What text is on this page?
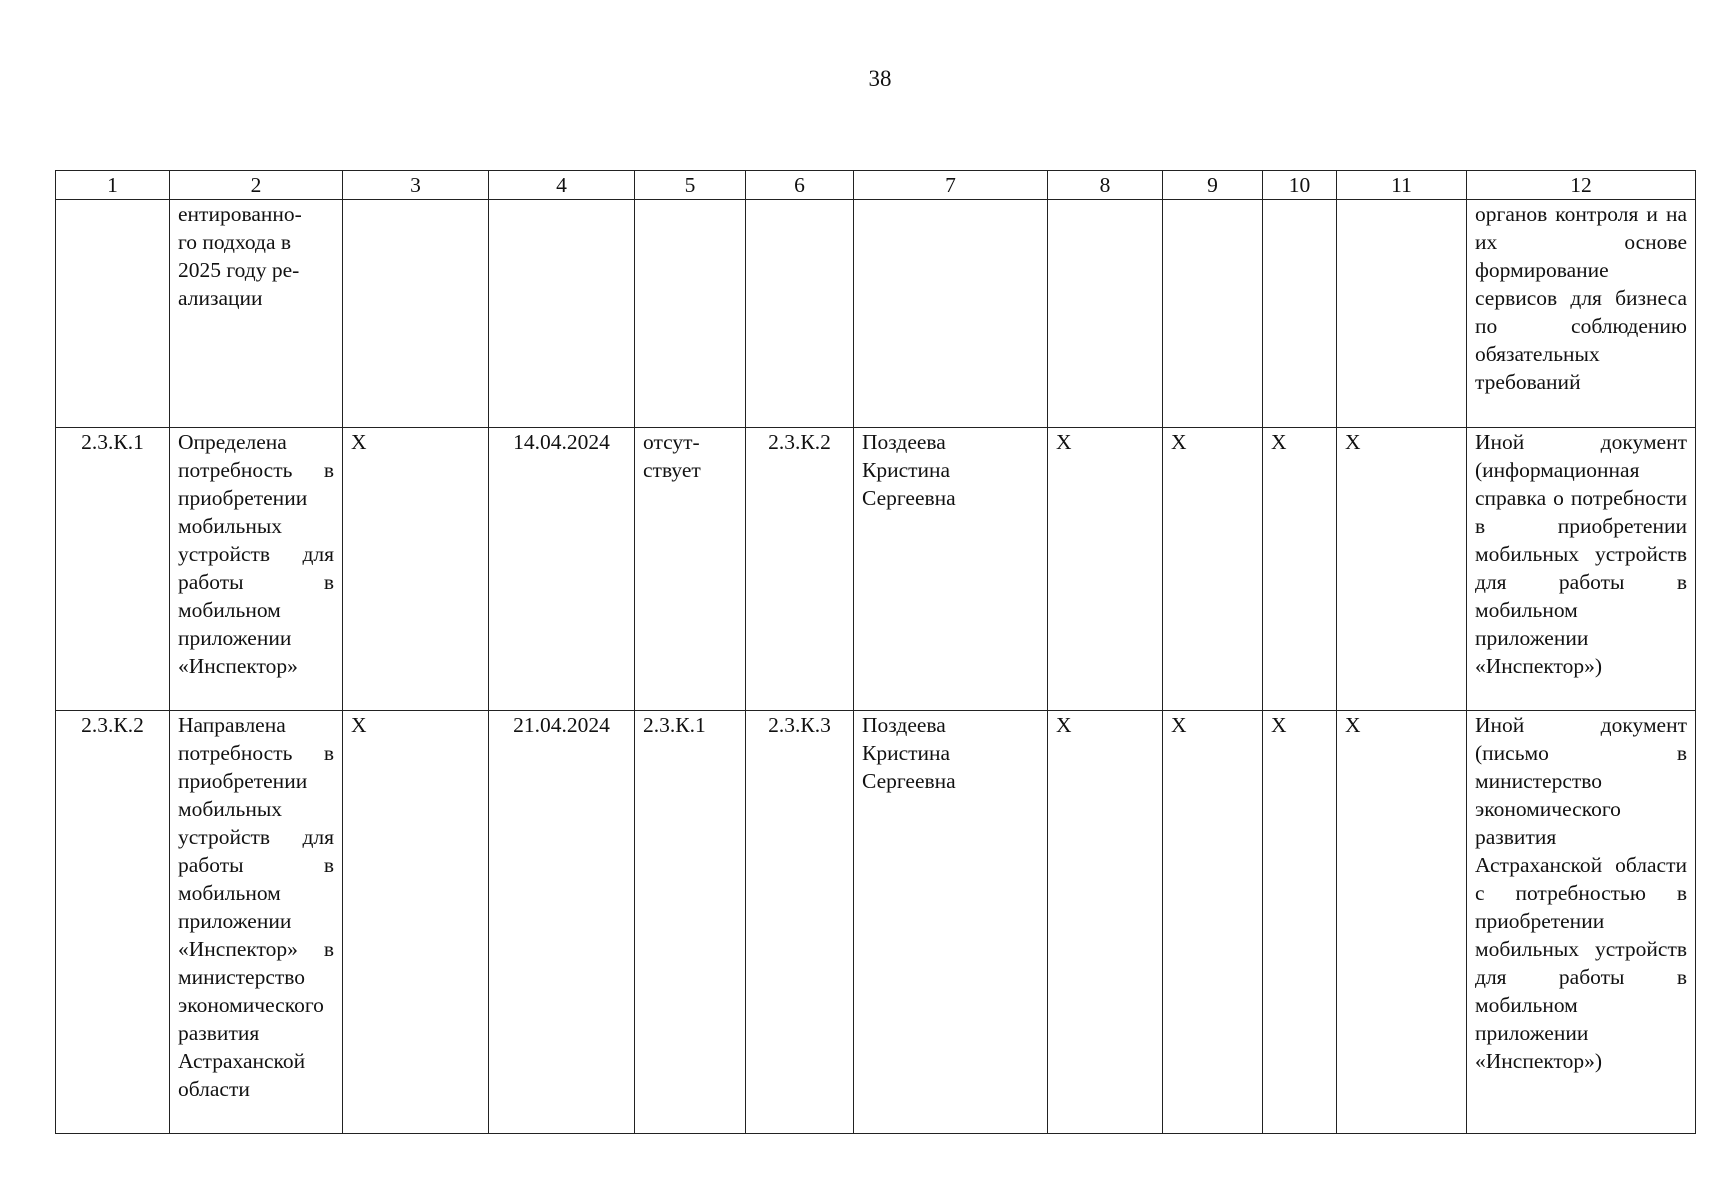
38
1	2	3	4	5	6	7	8	9	10	11	12
	ентированно-
го подхода в
2025 году ре-
ализации										органов контроля и на их основе формирование сервисов для бизнеса по соблюдению обязательных требований
2.3.К.1	Определена потребность в приобретении мобильных устройств для работы в мобильном приложении «Инспектор»	Х	14.04.2024	отсут-
ствует	2.3.К.2	Поздеева
Кристина
Сергеевна	Х	Х	Х	Х	Иной документ (информационная справка о потребности в приобретении мобильных устройств для работы в мобильном приложении «Инспектор»)
2.3.К.2	Направлена потребность в приобретении мобильных устройств для работы в мобильном приложении «Инспектор» в министерство экономического развития Астраханской области	Х	21.04.2024	2.3.К.1	2.3.К.3	Поздеева
Кристина
Сергеевна	Х	Х	Х	Х	Иной документ (письмо в министерство экономического развития Астраханской области с потребностью в приобретении мобильных устройств для работы в мобильном приложении «Инспектор»)
